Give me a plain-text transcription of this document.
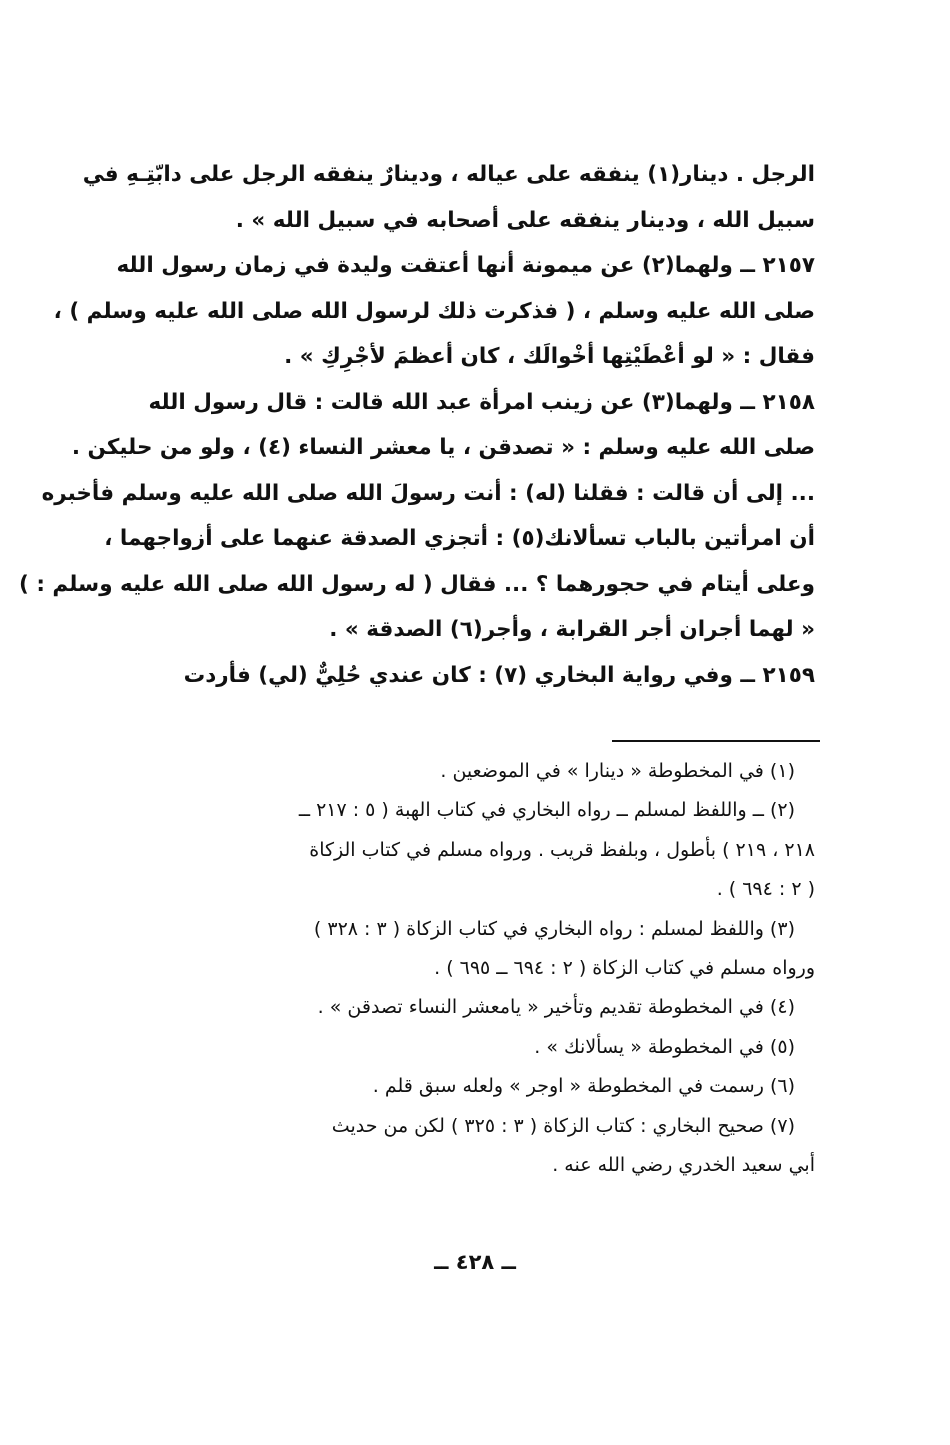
الرجل . دينار(١) ينفقه على عياله ، ودينارٌ ينفقه الرجل على دابّتِـهِ في
سبيل الله ، ودينار ينفقه على أصحابه في سبيل الله » .
٢١٥٧ ــ ولهما(٢) عن ميمونة أنها أعتقت وليدة في زمان رسول الله
صلى الله عليه وسلم ، ( فذكرت ذلك لرسول الله صلى الله عليه وسلم ) ،
فقال : « لو أعْطَيْتِها أخْوالَك ، كان أعظمَ لأجْرِكِ » .
٢١٥٨ ــ ولهما(٣) عن زينب امرأة عبد الله قالت : قال رسول الله
صلى الله عليه وسلم : « تصدقن ، يا معشر النساء (٤) ، ولو من حليكن .
... إلى أن قالت : فقلنا (له) : أنت رسولَ الله صلى الله عليه وسلم فأخبره
أن امرأتين بالباب تسألانك(٥) : أتجزي الصدقة عنهما على أزواجهما ،
وعلى أيتام في حجورهما ؟ ... فقال ( له رسول الله صلى الله عليه وسلم : )
« لهما أجران أجر القرابة ، وأجر(٦) الصدقة » .
٢١٥٩ ــ وفي رواية البخاري (٧) : كان عندي حُلِيٌّ (لي) فأردت
(١) في المخطوطة « دينارا » في الموضعين .
(٢) ــ واللفظ لمسلم ــ رواه البخاري في كتاب الهبة ( ٥ : ٢١٧ ــ
٢١٨ ، ٢١٩ ) بأطول ، وبلفظ قريب . ورواه مسلم في كتاب الزكاة
( ٢ : ٦٩٤ ) .
(٣) واللفظ لمسلم : رواه البخاري في كتاب الزكاة ( ٣ : ٣٢٨ )
ورواه مسلم في كتاب الزكاة ( ٢ : ٦٩٤ ــ ٦٩٥ ) .
(٤) في المخطوطة تقديم وتأخير « يامعشر النساء تصدقن » .
(٥) في المخطوطة « يسألانك » .
(٦) رسمت في المخطوطة « اوجر » ولعله سبق قلم .
(٧) صحيح البخاري : كتاب الزكاة ( ٣ : ٣٢٥ ) لكن من حديث
أبي سعيد الخدري رضي الله عنه .
ــ ٤٢٨ ــ
